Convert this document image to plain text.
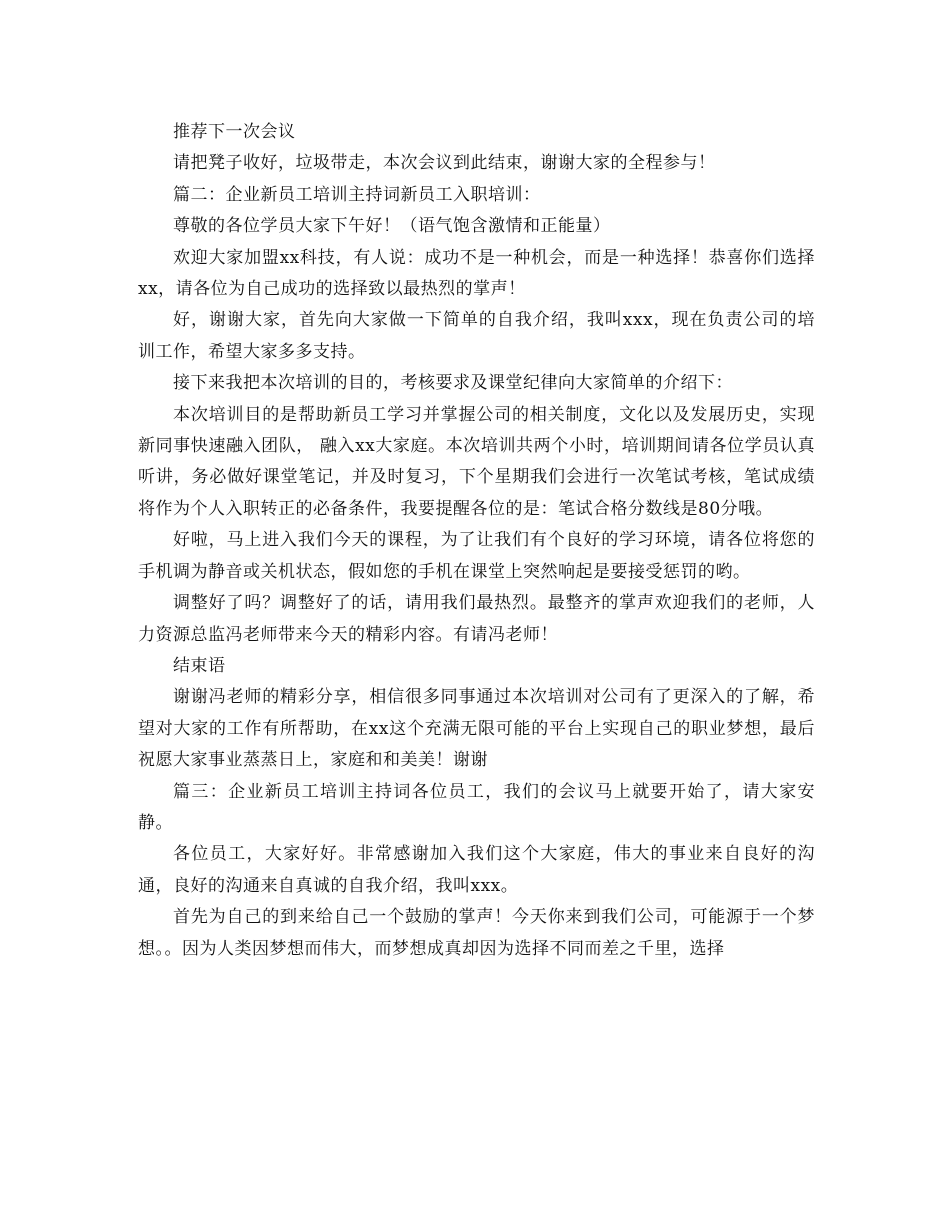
推荐下一次会议

请把凳子收好，垃圾带走，本次会议到此结束，谢谢大家的全程参与！

篇二：企业新员工培训主持词新员工入职培训：

尊敬的各位学员大家下午好！（语气饱含激情和正能量）

欢迎大家加盟xx科技，有人说：成功不是一种机会，而是一种选择！恭喜你们选择xx，请各位为自己成功的选择致以最热烈的掌声！

好，谢谢大家，首先向大家做一下简单的自我介绍，我叫xxx，现在负责公司的培训工作，希望大家多多支持。

接下来我把本次培训的目的，考核要求及课堂纪律向大家简单的介绍下：

本次培训目的是帮助新员工学习并掌握公司的相关制度，文化以及发展历史，实现新同事快速融入团队， 融入xx大家庭。本次培训共两个小时，培训期间请各位学员认真听讲，务必做好课堂笔记，并及时复习，下个星期我们会进行一次笔试考核，笔试成绩将作为个人入职转正的必备条件，我要提醒各位的是：笔试合格分数线是80分哦。

好啦，马上进入我们今天的课程，为了让我们有个良好的学习环境，请各位将您的手机调为静音或关机状态，假如您的手机在课堂上突然响起是要接受惩罚的哟。

调整好了吗？调整好了的话，请用我们最热烈。最整齐的掌声欢迎我们的老师，人力资源总监冯老师带来今天的精彩内容。有请冯老师！

结束语

谢谢冯老师的精彩分享，相信很多同事通过本次培训对公司有了更深入的了解，希望对大家的工作有所帮助，在xx这个充满无限可能的平台上实现自己的职业梦想，最后祝愿大家事业蒸蒸日上，家庭和和美美！谢谢

篇三：企业新员工培训主持词各位员工，我们的会议马上就要开始了，请大家安静。

各位员工，大家好好。非常感谢加入我们这个大家庭，伟大的事业来自良好的沟通，良好的沟通来自真诚的自我介绍，我叫xxx。

首先为自己的到来给自己一个鼓励的掌声！今天你来到我们公司，可能源于一个梦想。。因为人类因梦想而伟大，而梦想成真却因为选择不同而差之千里，选择
